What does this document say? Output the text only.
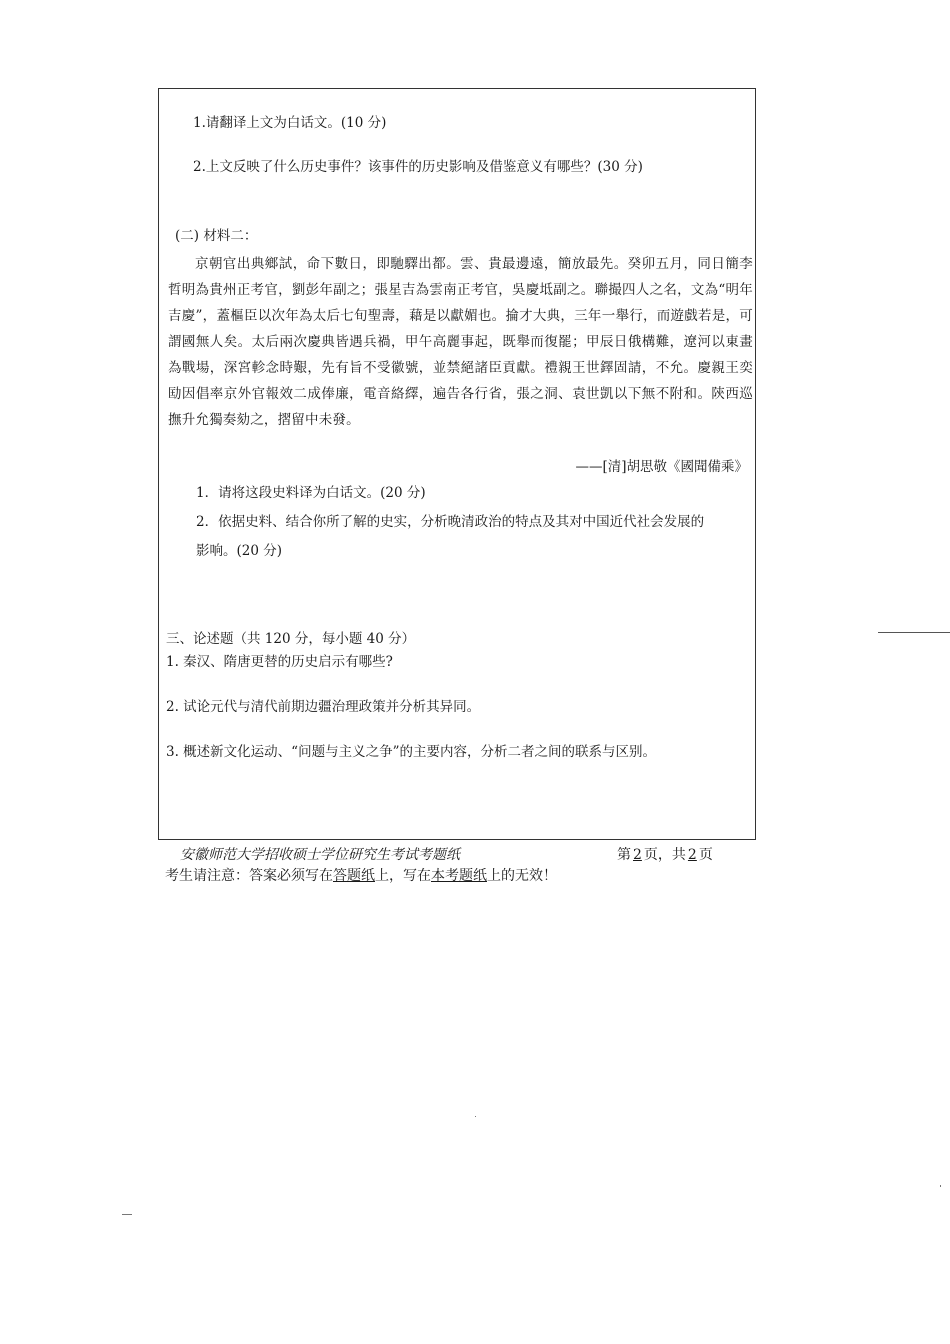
1.请翻译上文为白话文。(10 分)
2.上文反映了什么历史事件？该事件的历史影响及借鉴意义有哪些？(30 分)
(二) 材料二：
京朝官出典鄉試，命下數日，即馳驛出都。雲、貴最邊遠，簡放最先。癸卯五月，同日簡李哲明為貴州正考官，劉彭年副之；張星吉為雲南正考官，吳慶坻副之。聯撮四人之名，文為“明年吉慶”，蓋樞臣以次年為太后七旬聖壽，藉是以獻媚也。掄才大典，三年一舉行，而遊戲若是，可謂國無人矣。太后兩次慶典皆遇兵禍，甲午高麗事起，既舉而復罷；甲辰日俄構難，遼河以東畫為戰場，深宮軫念時艱，先有旨不受徽號，並禁絕諸臣貢獻。禮親王世鐸固請，不允。慶親王奕劻因倡率京外官報效二成俸廉，電音絡繹，遍告各行省，張之洞、袁世凱以下無不附和。陝西巡撫升允獨奏劾之，摺留中未發。
——[清]胡思敬《國聞備乘》
1．请将这段史料译为白话文。(20 分)
2．依据史料、结合你所了解的史实，分析晚清政治的特点及其对中国近代社会发展的
影响。(20 分)
三、论述题（共 120 分，每小题 40 分）
1. 秦汉、隋唐更替的历史启示有哪些?
2. 试论元代与清代前期边疆治理政策并分析其异同。
3. 概述新文化运动、“问题与主义之争”的主要内容，分析二者之间的联系与区别。
安徽师范大学招收硕士学位研究生考试考题纸	第 2 页，共 2 页
考生请注意：答案必须写在答题纸上，写在本考题纸上的无效！
